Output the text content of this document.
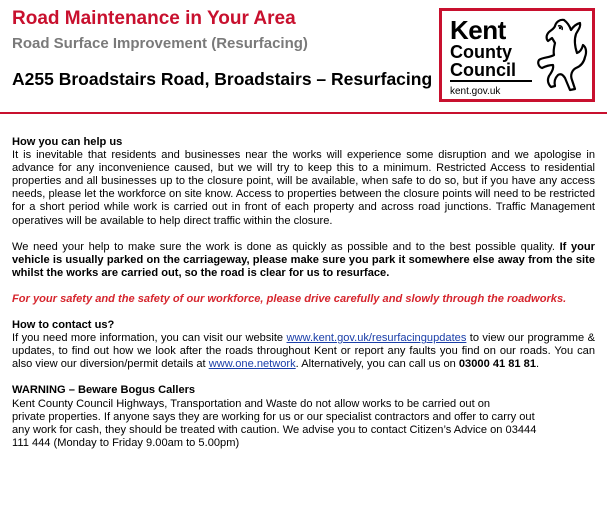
Road Maintenance in Your Area
Road Surface Improvement (Resurfacing)
A255 Broadstairs Road, Broadstairs – Resurfacing
Kent
County
Council
kent.gov.uk
How you can help us

It is inevitable that residents and businesses near the works will experience some disruption and we apologise in advance for any inconvenience caused, but we will try to keep this to a minimum. Restricted Access to residential properties and all businesses up to the closure point, will be available, when safe to do so, but if you have any access needs, please let the workforce on site know. Access to properties between the closure points will need to be restricted for a short period while work is carried out in front of each property and across road junctions. Traffic Management operatives will be available to help direct traffic within the closure.

We need your help to make sure the work is done as quickly as possible and to the best possible quality. If your vehicle is usually parked on the carriageway, please make sure you park it somewhere else away from the site whilst the works are carried out, so the road is clear for us to resurface.

For your safety and the safety of our workforce, please drive carefully and slowly through the roadworks.

How to contact us?

If you need more information, you can visit our website www.kent.gov.uk/resurfacingupdates to view our programme & updates, to find out how we look after the roads throughout Kent or report any faults you find on our roads. You can also view our diversion/permit details at www.one.network. Alternatively, you can call us on 03000 41 81 81.

WARNING – Beware Bogus Callers
Kent County Council Highways, Transportation and Waste do not allow works to be carried out on
private properties. If anyone says they are working for us or our specialist contractors and offer to carry out
any work for cash, they should be treated with caution. We advise you to contact Citizen’s Advice on 03444
111 444 (Monday to Friday 9.00am to 5.00pm)
